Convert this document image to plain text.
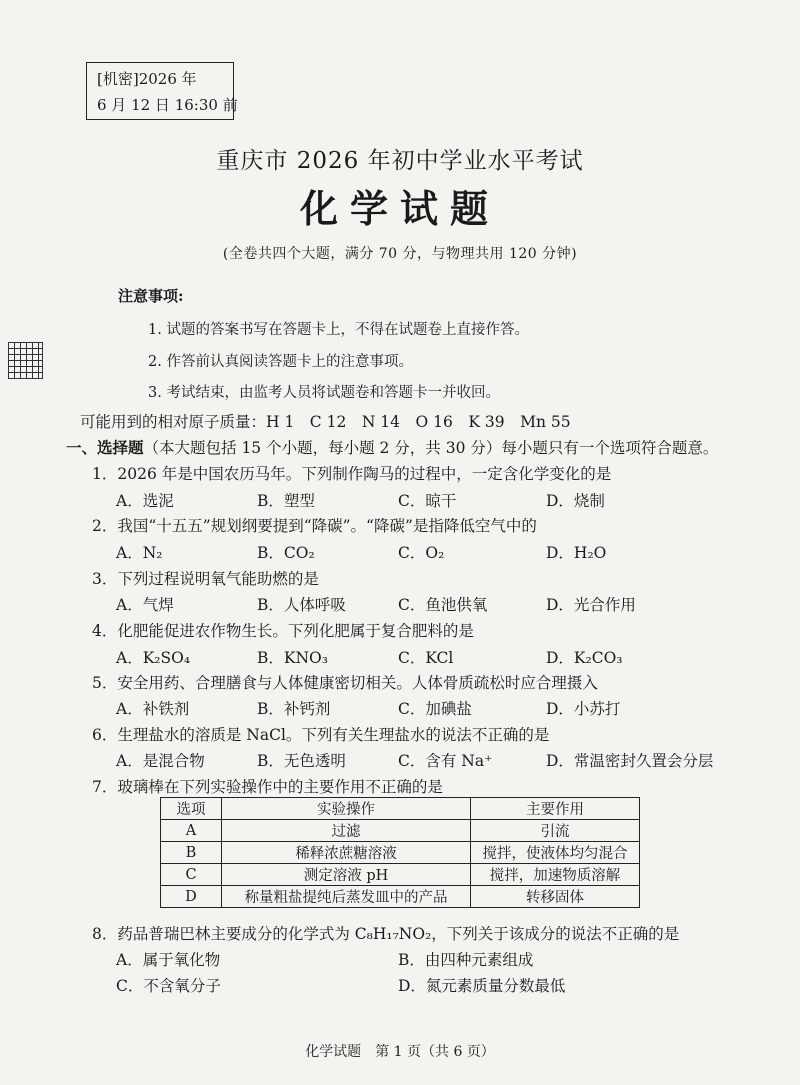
[机密]2026 年
6 月 12 日 16:30 前
重庆市 2026 年初中学业水平考试
化学试题
(全卷共四个大题，满分 70 分，与物理共用 120 分钟)
注意事项:
1. 试题的答案书写在答题卡上，不得在试题卷上直接作答。
2. 作答前认真阅读答题卡上的注意事项。
3. 考试结束，由监考人员将试题卷和答题卡一并收回。
可能用到的相对原子质量：H 1　C 12　N 14　O 16　K 39　Mn 55
一、选择题（本大题包括 15 个小题，每小题 2 分，共 30 分）每小题只有一个选项符合题意。
1．2026 年是中国农历马年。下列制作陶马的过程中，一定含化学变化的是
A．选泥	B．塑型	C．晾干	D．烧制
2．我国“十五五”规划纲要提到“降碳”。“降碳”是指降低空气中的
A．N₂	B．CO₂	C．O₂	D．H₂O
3．下列过程说明氧气能助燃的是
A．气焊	B．人体呼吸	C．鱼池供氧	D．光合作用
4．化肥能促进农作物生长。下列化肥属于复合肥料的是
A．K₂SO₄	B．KNO₃	C．KCl	D．K₂CO₃
5．安全用药、合理膳食与人体健康密切相关。人体骨质疏松时应合理摄入
A．补铁剂	B．补钙剂	C．加碘盐	D．小苏打
6．生理盐水的溶质是 NaCl。下列有关生理盐水的说法不正确的是
A．是混合物	B．无色透明	C．含有 Na⁺	D．常温密封久置会分层
7．玻璃棒在下列实验操作中的主要作用不正确的是
选项	实验操作	主要作用
A	过滤	引流
B	稀释浓蔗糖溶液	搅拌，使液体均匀混合
C	测定溶液 pH	搅拌，加速物质溶解
D	称量粗盐提纯后蒸发皿中的产品	转移固体
8．药品普瑞巴林主要成分的化学式为 C₈H₁₇NO₂，下列关于该成分的说法不正确的是
A．属于氧化物	B．由四种元素组成
C．不含氧分子	D．氮元素质量分数最低
化学试题　第 1 页（共 6 页）
